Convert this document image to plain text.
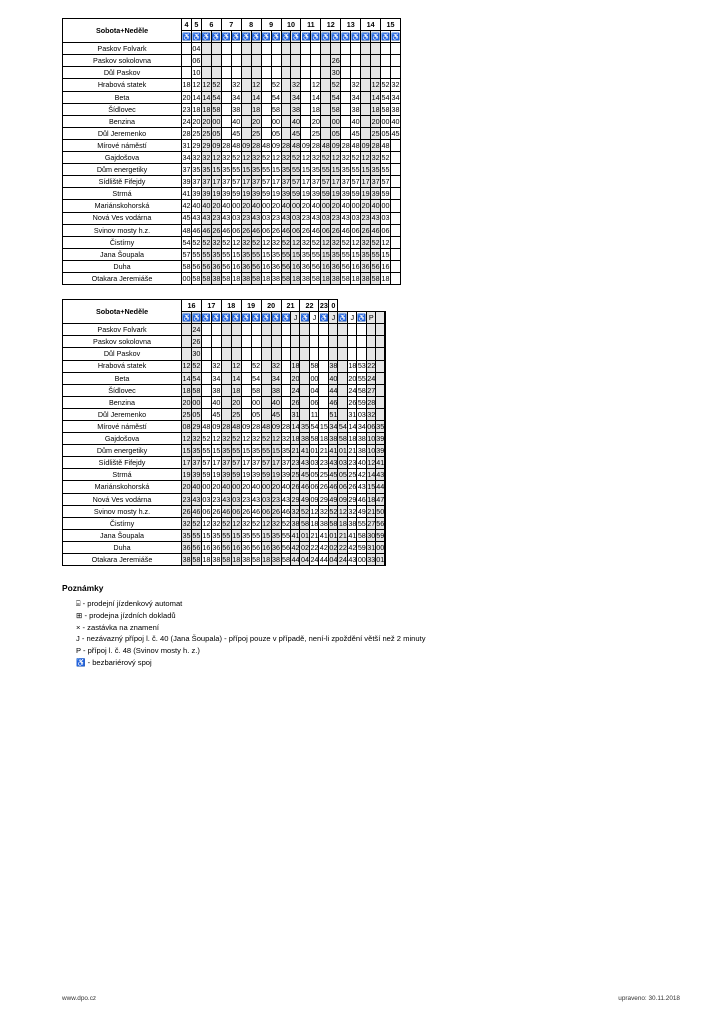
Sobota+Neděle	4	5	6		7		8		9		10		11		12		13		14		15	
	♿	♿	♿	♿	♿	♿	♿	♿	♿	♿	♿	♿	♿	♿	♿	♿	♿	♿	♿	♿	♿	♿
Paskov Folvark		04																				
Paskov sokolovna		06														26						
Důl Paskov		10														30						
Hrabová statek	18	12	12	52		32		12		52		32		12		52		32		12	52	32
Beta	20	14	14	54		34		14		54		34		14		54		34		14	54	34
Šídlovec	23	18	18	58		38		18		58		38		18		58		38		18	58	38
Benzina	24	20	20	00		40		20		00		40		20		00		40		20	00	40
Důl Jeremenko	28	25	25	05		45		25		05		45		25		05		45		25	05	45
Mírové náměstí	31	29	29	09	28	48	09	28	48	09	28	48	09	28	48	09	28	48	09	28	48	
Gajdošova	34	32	32	12	32	52	12	32	52	12	32	52	12	32	52	12	32	52	12	32	52	
Dům energetiky	37	35	35	15	35	55	15	35	55	15	35	55	15	35	55	15	35	55	15	35	55	
Sídliště Fifejdy	39	37	37	17	37	57	17	37	57	17	37	57	17	37	57	17	37	57	17	37	57	
Strmá	41	39	39	19	39	59	19	39	59	19	39	59	19	39	59	19	39	59	19	39	59	
Mariánskohorská	42	40	40	20	40	00	20	40	00	20	40	00	20	40	00	20	40	00	20	40	00	
Nová Ves vodárna	45	43	43	23	43	03	23	43	03	23	43	03	23	43	03	23	43	03	23	43	03	
Svinov mosty h.z.	48	46	46	26	46	06	26	46	06	26	46	06	26	46	06	26	46	06	26	46	06	
Čistírny	54	52	52	32	52	12	32	52	12	32	52	12	32	52	12	32	52	12	32	52	12	
Jana Šoupala	57	55	55	35	55	15	35	55	15	35	55	15	35	55	15	35	55	15	35	55	15	
Duha	58	56	56	36	56	16	36	56	16	36	56	16	36	56	16	36	56	16	36	56	16	
Otakara Jeremiáše	00	58	58	38	58	18	38	58	18	38	58	18	38	58	18	38	58	18	38	58	18	
Sobota+Neděle	16		17		18		19		20		21		22		23	0						
	♿	♿	♿	♿	♿	♿	♿	♿	♿	♿	♿	J	♿	J	♿	J	♿	J	♿	P		
Paskov Folvark		24																				
Paskov sokolovna		26																				
Důl Paskov		30																				
Hrabová statek	12	52		32		12		52		32		18		58		38		18	53	22		
Beta	14	54		34		14		54		34		20		00		40		20	55	24		
Šídlovec	18	58		38		18		58		38		24		04		44		24	58	27		
Benzina	20	00		40		20		00		40		26		06		46		26	59	28		
Důl Jeremenko	25	05		45		25		05		45		31		11		51		31	03	32		
Mírové náměstí	08	29	48	09	28	48	09	28	48	09	28	14	35	54	15	34	54	14	34	06	35	
Gajdošova	12	32	52	12	32	52	12	32	52	12	32	18	38	58	18	38	58	18	38	10	39	
Dům energetiky	15	35	55	15	35	55	15	35	55	15	35	21	41	01	21	41	01	21	38	10	39	
Sídliště Fifejdy	17	37	57	17	37	57	17	37	57	17	37	23	43	03	23	43	03	23	40	12	41	
Strmá	19	39	59	19	39	59	19	39	59	19	39	25	45	05	25	45	05	25	42	14	43	
Mariánskohorská	20	40	00	20	40	00	20	40	00	20	40	26	46	06	26	46	06	26	43	15	44	
Nová Ves vodárna	23	43	03	23	43	03	23	43	03	23	43	29	49	09	29	49	09	29	46	18	47	
Svinov mosty h.z.	26	46	06	26	46	06	26	46	06	26	46	32	52	12	32	52	12	32	49	21	50	
Čistírny	32	52	12	32	52	12	32	52	12	32	52	38	58	18	38	58	18	38	55	27	56	
Jana Šoupala	35	55	15	35	55	15	35	55	15	35	55	41	01	21	41	01	21	41	58	30	59	
Duha	36	56	16	36	56	16	36	56	16	36	56	42	02	22	42	02	22	42	59	31	00	
Otakara Jeremiáše	38	58	18	38	58	18	38	58	18	38	58	44	04	24	44	04	24	43	00	33	01	
Poznámky
⌸ - prodejní jízdenkový automat
⊞ - prodejna jízdních dokladů
× - zastávka na znamení
J - nezávazný přípoj l. č. 40 (Jana Šoupala) - přípoj pouze v případě, není-li zpoždění větší než 2 minuty
P - přípoj l. č. 48 (Svinov mosty h. z.)
♿ - bezbariérový spoj
www.dpo.cz	upraveno: 30.11.2018
